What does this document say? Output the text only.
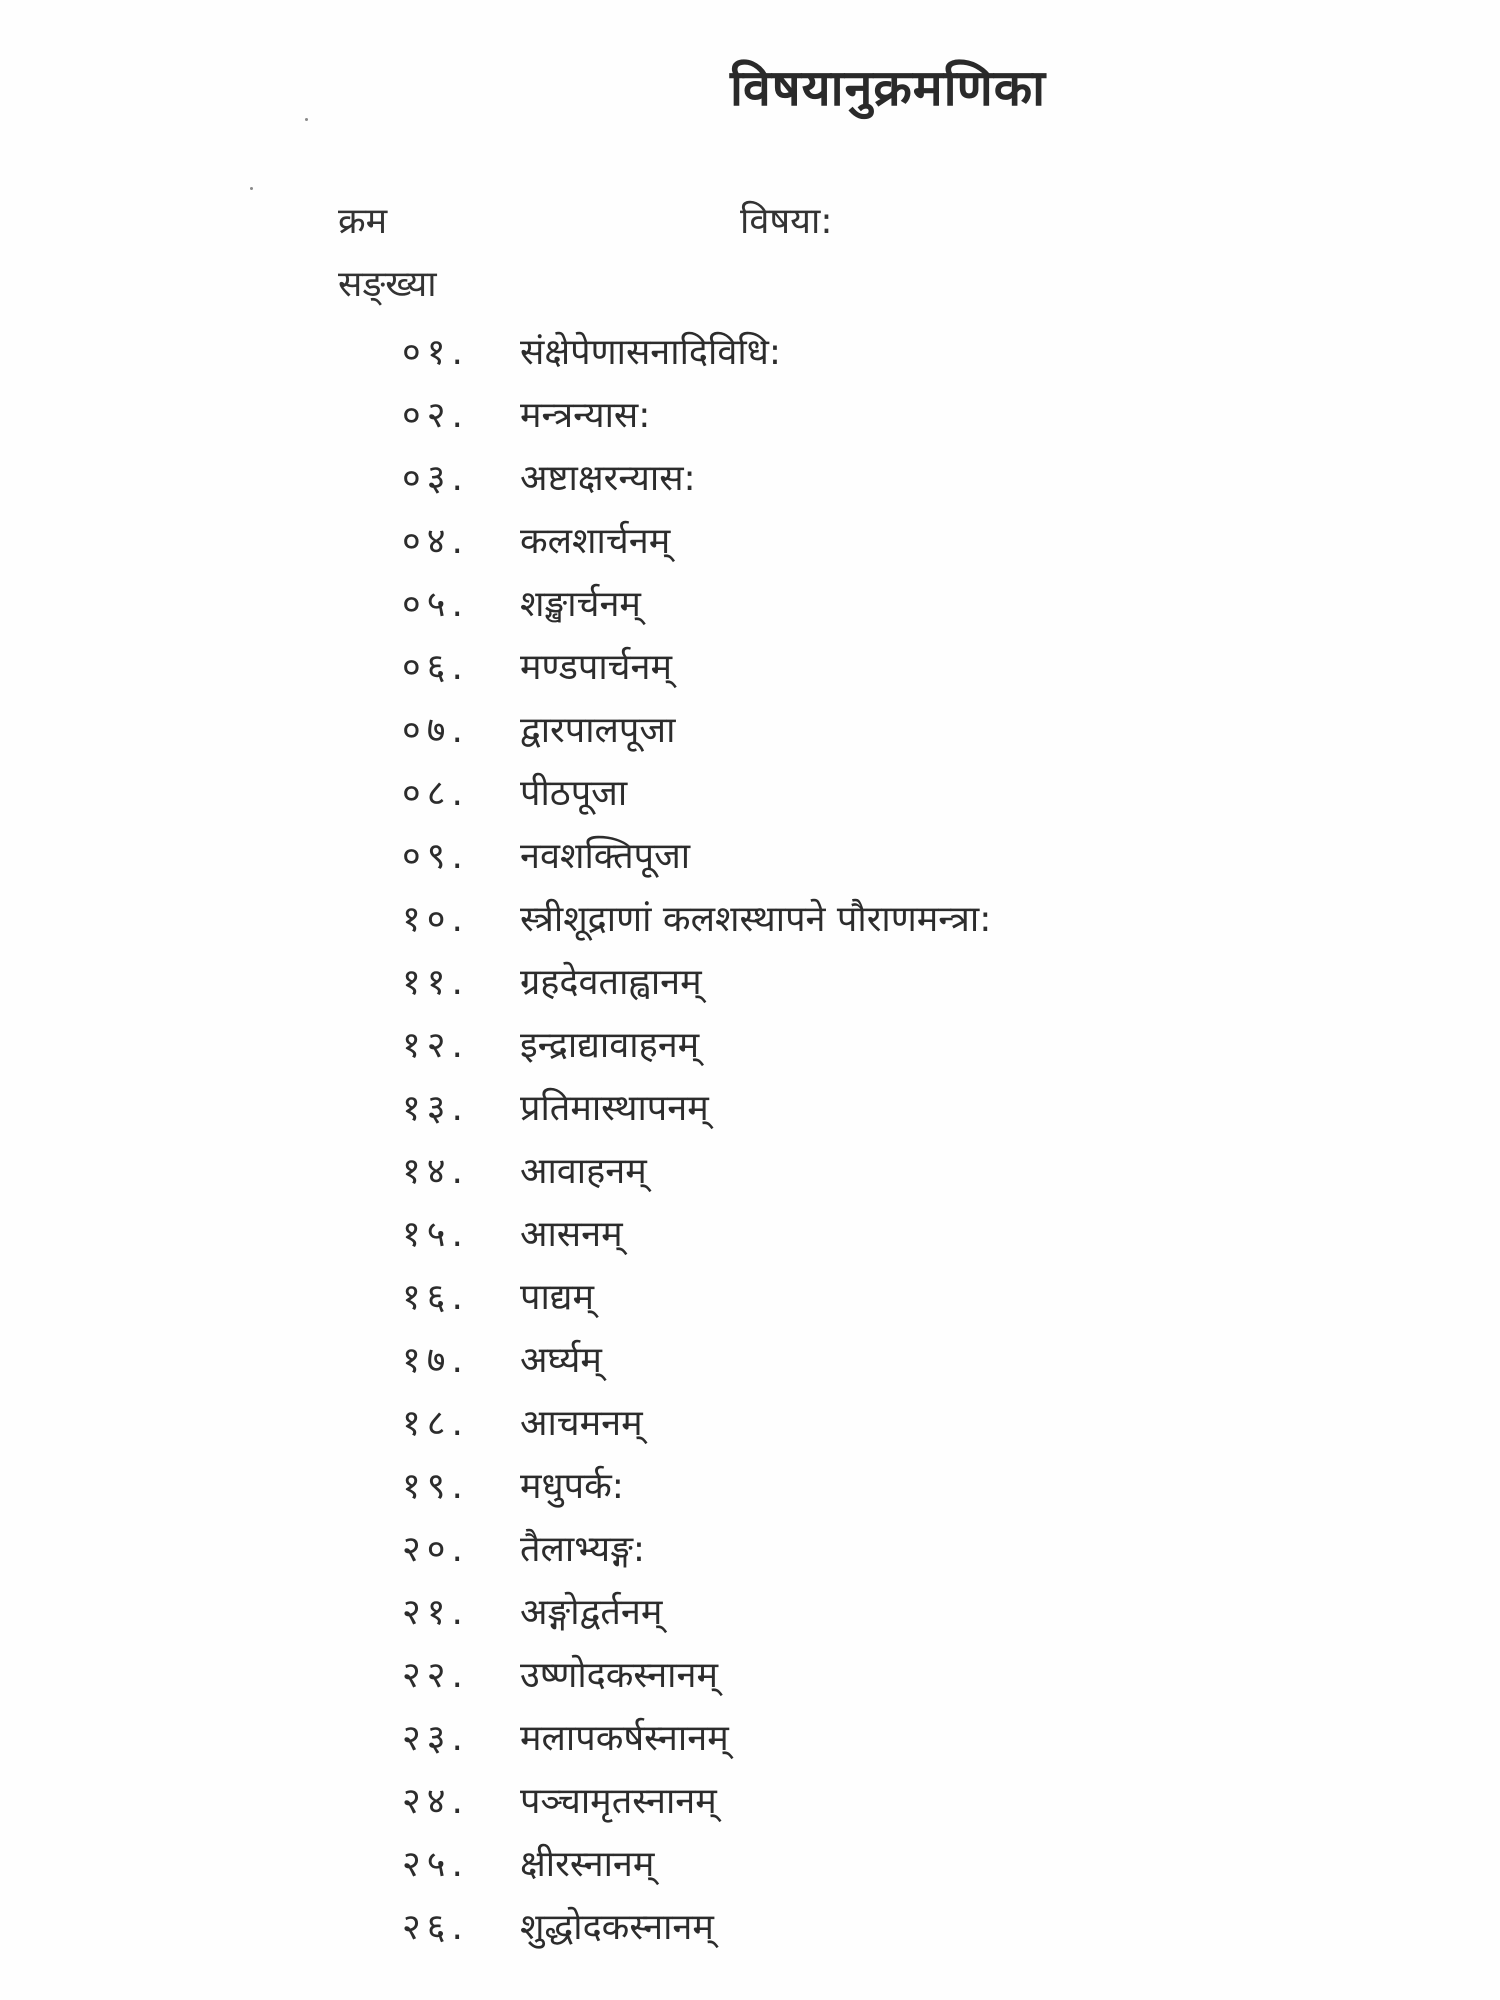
विषयानुक्रमणिका
क्रम
सङ्ख्या
विषया:
०१. संक्षेपेणासनादिविधि:
०२. मन्त्रन्यास:
०३. अष्टाक्षरन्यास:
०४. कलशार्चनम्
०५. शङ्खार्चनम्
०६. मण्डपार्चनम्
०७. द्वारपालपूजा
०८. पीठपूजा
०९. नवशक्तिपूजा
१०. स्त्रीशूद्राणां कलशस्थापने पौराणमन्त्रा:
११. ग्रहदेवताह्वानम्
१२. इन्द्राद्यावाहनम्
१३. प्रतिमास्थापनम्
१४. आवाहनम्
१५. आसनम्
१६. पाद्यम्
१७. अर्घ्यम्
१८. आचमनम्
१९. मधुपर्क:
२०. तैलाभ्यङ्ग:
२१. अङ्गोद्वर्तनम्
२२. उष्णोदकस्नानम्
२३. मलापकर्षस्नानम्
२४. पञ्चामृतस्नानम्
२५. क्षीरस्नानम्
२६. शुद्धोदकस्नानम्
